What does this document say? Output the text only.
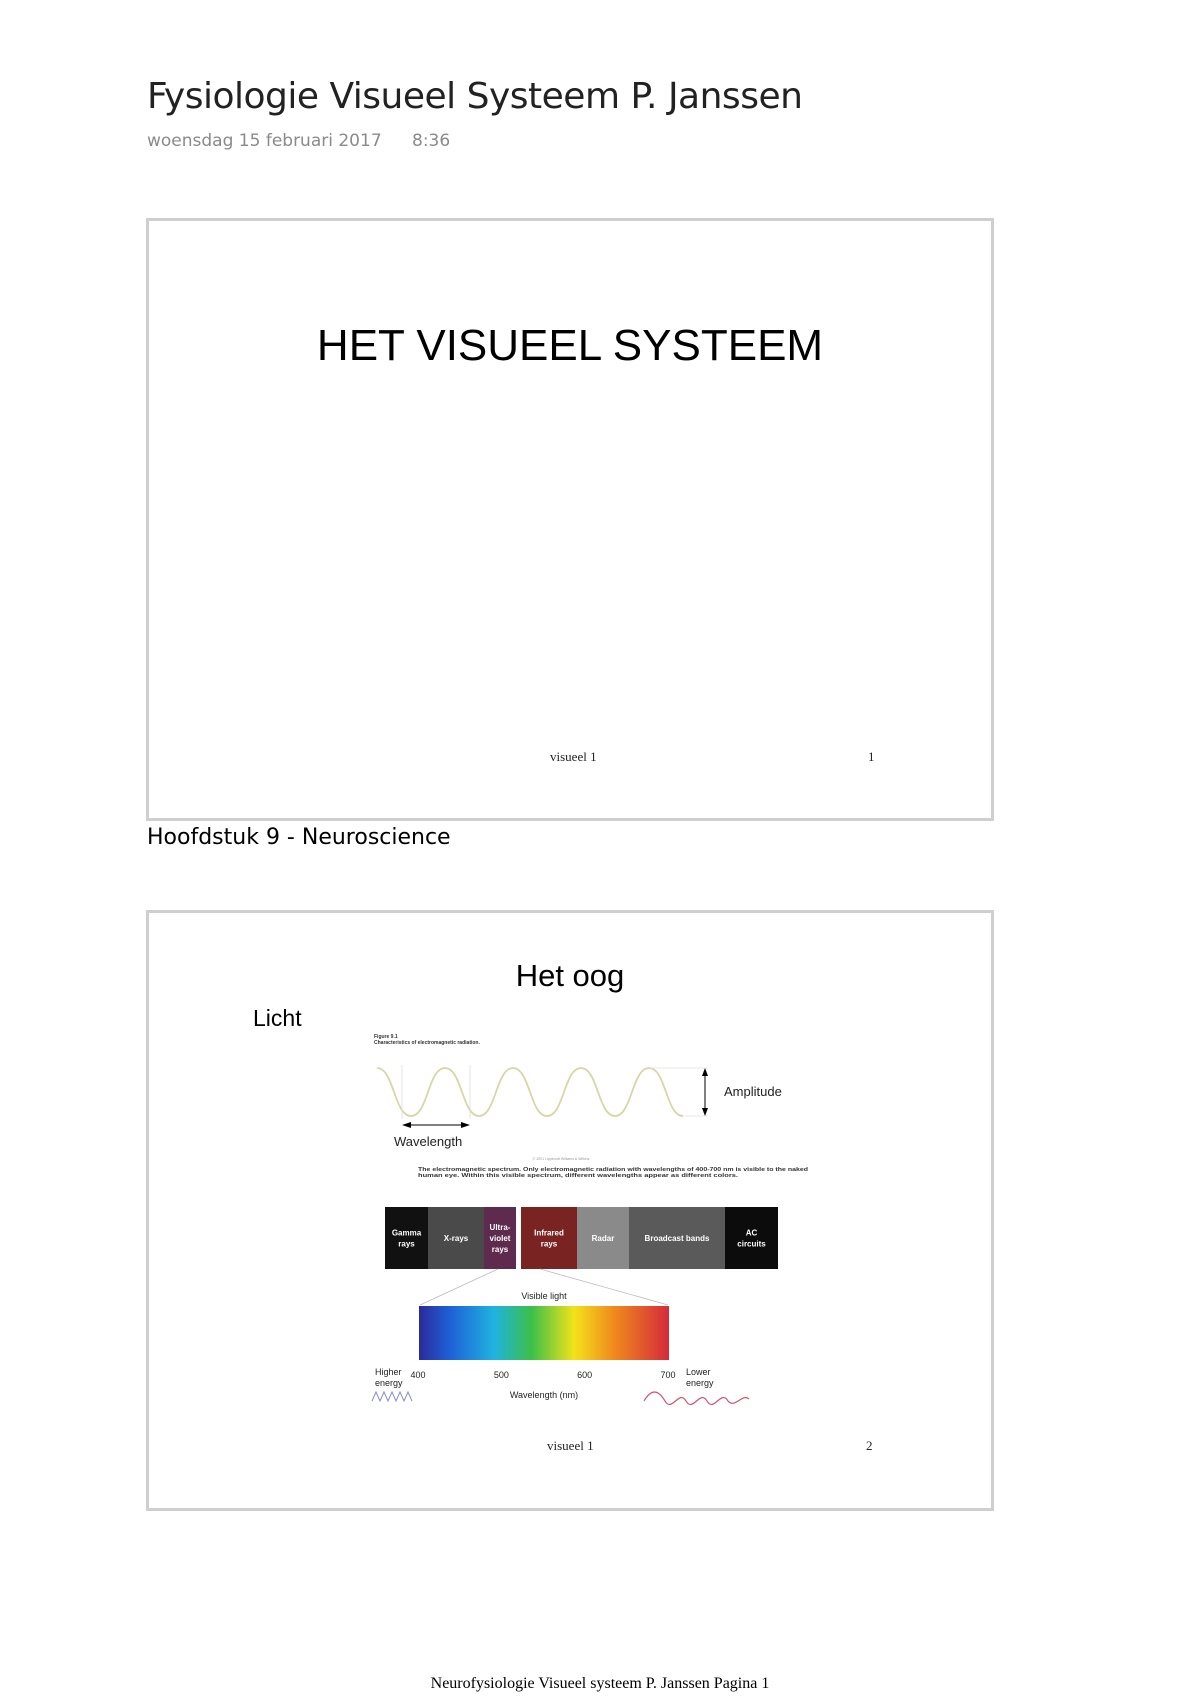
Fysiologie Visueel Systeem P. Janssen
woensdag 15 februari 2017 8:36
HET VISUEEL SYSTEEM
visueel 1	1
Hoofdstuk 9 - Neuroscience
Het oog
Licht
Figure 9.1
Characteristics of electromagnetic radiation.
Amplitude
Wavelength
© 2001 Lippincott Williams & Wilkins
The electromagnetic spectrum. Only electromagnetic radiation with wavelengths of 400-700 nm is visible to the naked
human eye. Within this visible spectrum, different wavelengths appear as different colors.
Gamma
rays
X-rays
Ultra-
violet
rays
Infrared
rays
Radar	Broadcast bands
AC
circuits
Visible light
Higher
energy
Lower
energy
400	500	600	700
Wavelength (nm)
visueel 1	2
Neurofysiologie Visueel systeem P. Janssen Pagina 1
